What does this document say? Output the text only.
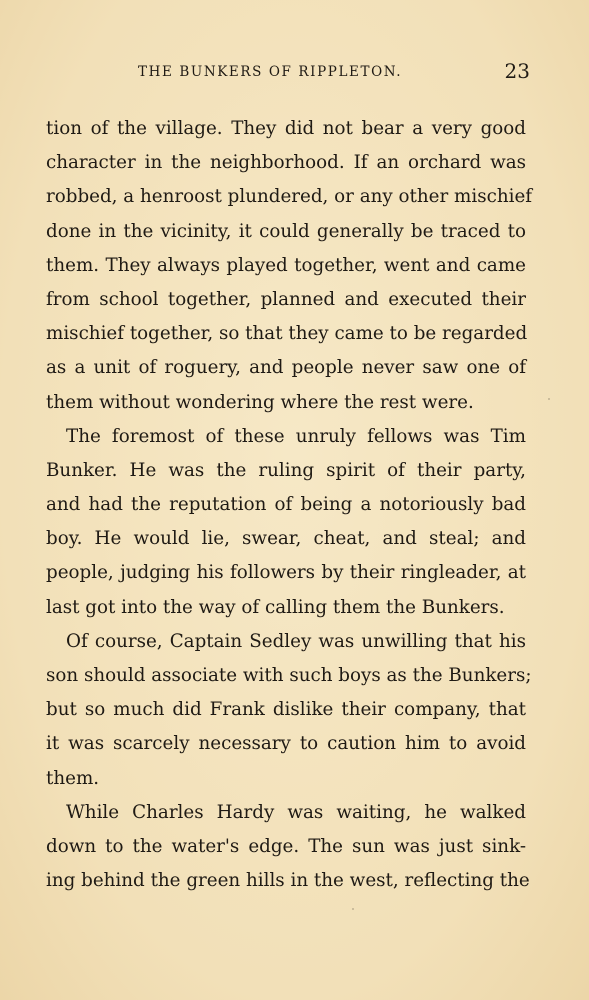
THE BUNKERS OF RIPPLETON.	23
tion of the village. They did not bear a very good
character in the neighborhood. If an orchard was
robbed, a henroost plundered, or any other mischief
done in the vicinity, it could generally be traced to
them. They always played together, went and came
from school together, planned and executed their
mischief together, so that they came to be regarded
as a unit of roguery, and people never saw one of
them without wondering where the rest were.
The foremost of these unruly fellows was Tim
Bunker. He was the ruling spirit of their party,
and had the reputation of being a notoriously bad
boy. He would lie, swear, cheat, and steal; and
people, judging his followers by their ringleader, at
last got into the way of calling them the Bunkers.
Of course, Captain Sedley was unwilling that his
son should associate with such boys as the Bunkers;
but so much did Frank dislike their company, that
it was scarcely necessary to caution him to avoid
them.
While Charles Hardy was waiting, he walked
down to the water's edge. The sun was just sink-
ing behind the green hills in the west, reflecting the
